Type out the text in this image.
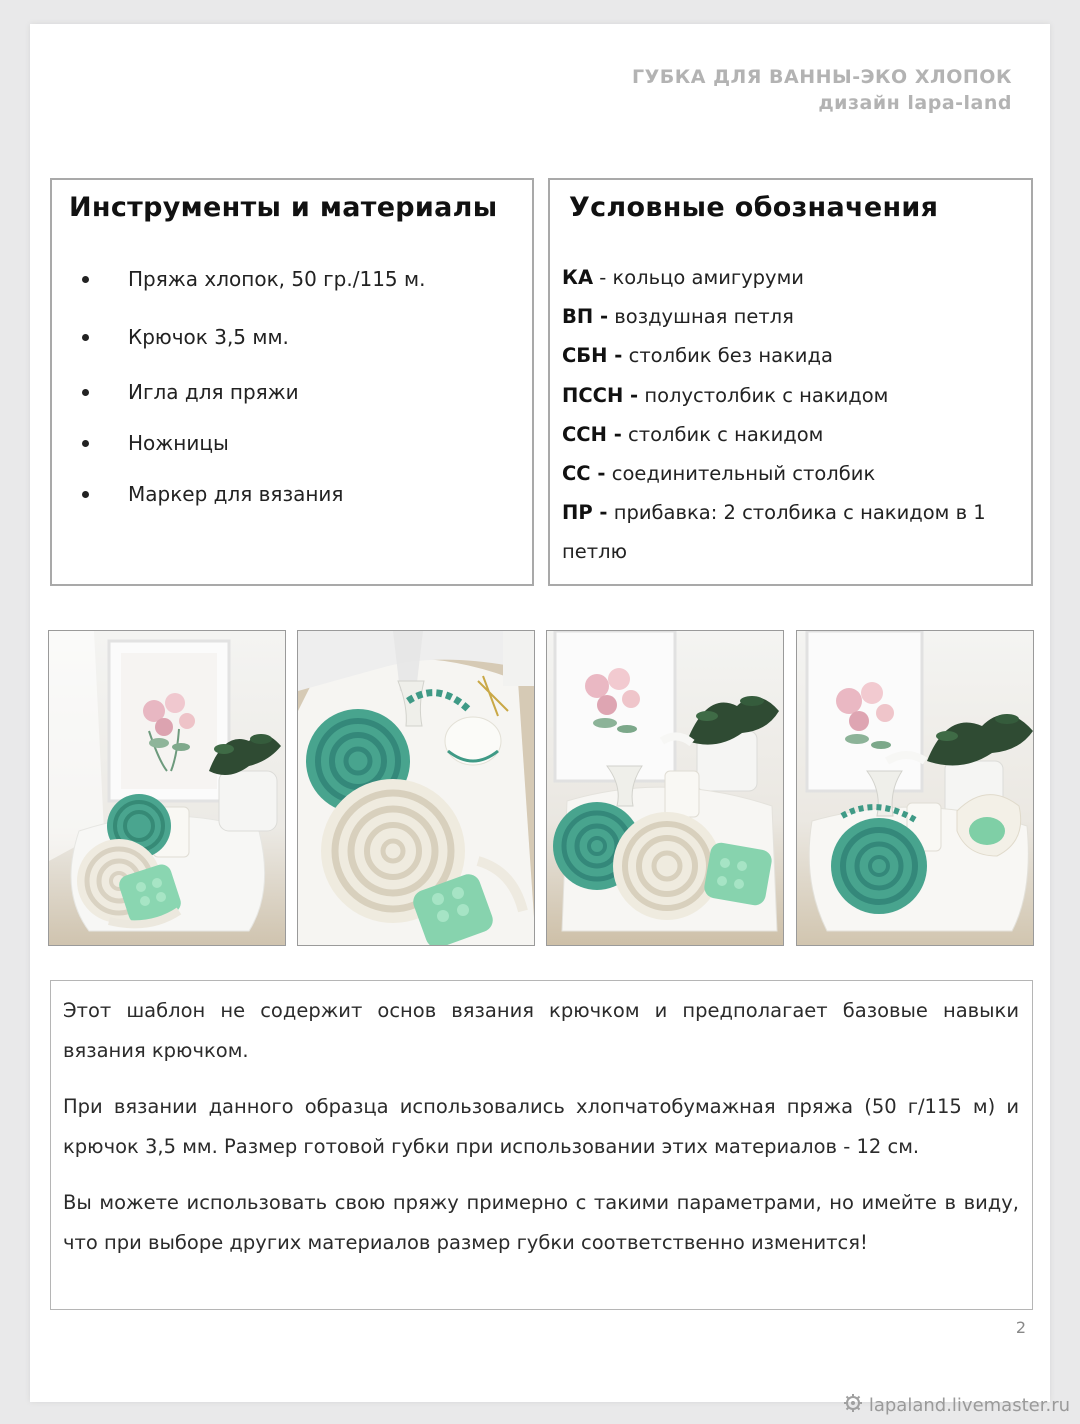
ГУБКА ДЛЯ ВАННЫ-ЭКО ХЛОПОК
дизайн lapa-land
Инструменты и материалы
Пряжа хлопок, 50 гр./115 м.
Крючок 3,5 мм.
Игла для пряжи
Ножницы
Маркер для вязания
Условные обозначения
КА - кольцо амигуруми
ВП - воздушная петля
СБН - столбик без накида
ПССН - полустолбик с накидом
ССН - столбик с накидом
СС - соединительный столбик
ПР - прибавка: 2 столбика с накидом в 1 петлю

Этот шаблон не содержит основ вязания крючком и предполагает базовые навыки вязания крючком.

При вязании данного образца использовались хлопчатобумажная пряжа (50 г/115 м) и крючок 3,5 мм. Размер готовой губки при использовании этих материалов - 12 см.

Вы можете использовать свою пряжу примерно с такими параметрами, но имейте в виду, что при выборе других материалов размер губки соответственно изменится!

2
lapaland.livemaster.ru
